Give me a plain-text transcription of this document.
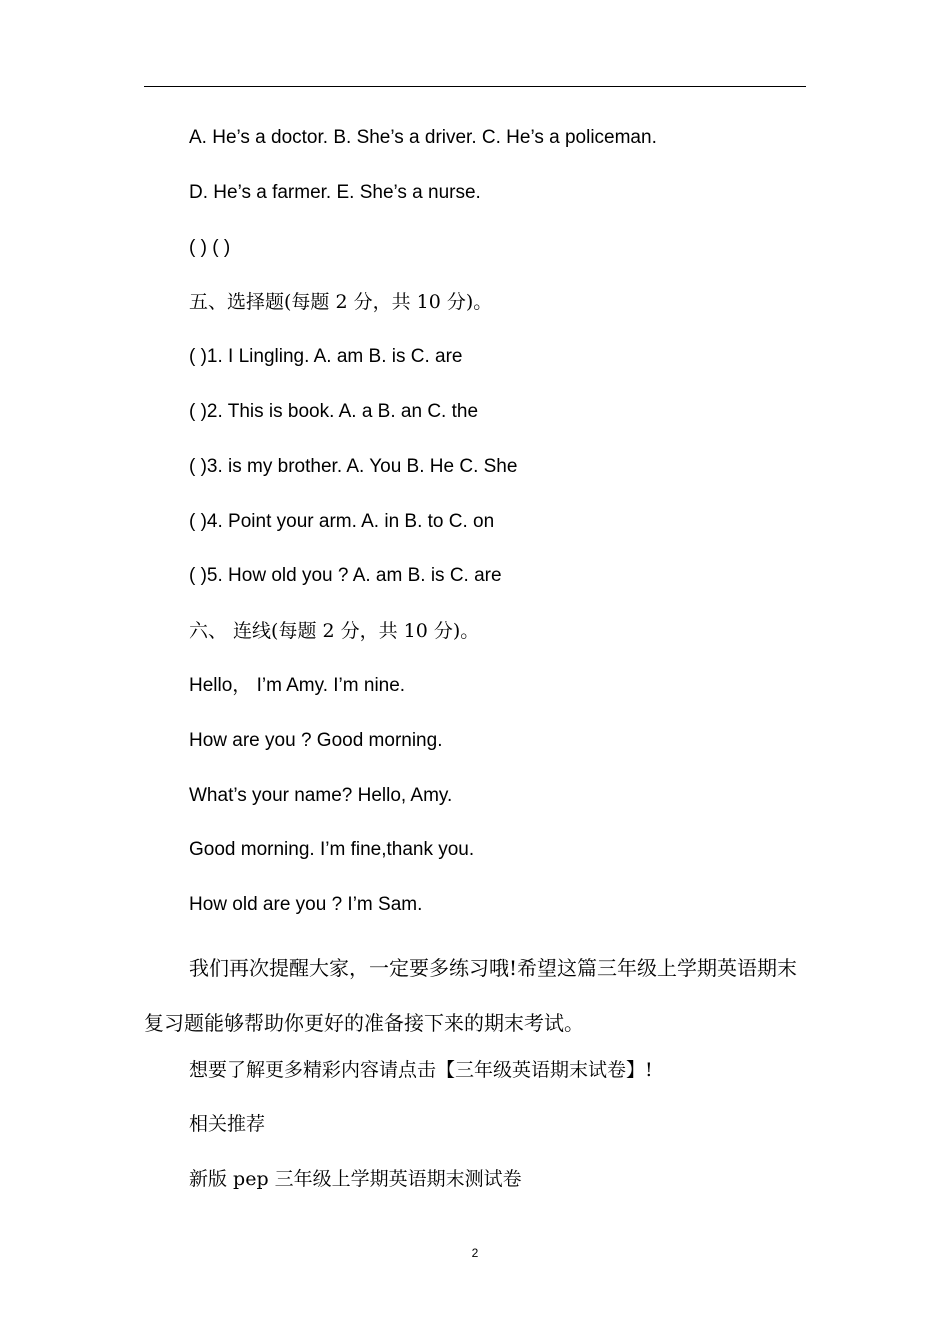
A. He’s a doctor. B. She’s a driver. C. He’s a policeman.
D. He’s a farmer. E. She’s a nurse.
( ) ( )
五、选择题(每题 2 分，共 10 分)。
( )1. I Lingling. A. am B. is C. are
( )2. This is book. A. a B. an C. the
( )3. is my brother. A. You B. He C. She
( )4. Point your arm. A. in B. to C. on
( )5. How old you ? A. am B. is C. are
六、 连线(每题 2 分，共 10 分)。
Hello， I’m Amy. I’m nine.
How are you ? Good morning.
What’s your name? Hello, Amy.
Good morning. I’m fine,thank you.
How old are you ? I’m Sam.

我们再次提醒大家，一定要多练习哦!希望这篇三年级上学期英语期末复习题能够帮助你更好的准备接下来的期末考试。

想要了解更多精彩内容请点击【三年级英语期末试卷】!
相关推荐
新版 pep 三年级上学期英语期末测试卷
2
